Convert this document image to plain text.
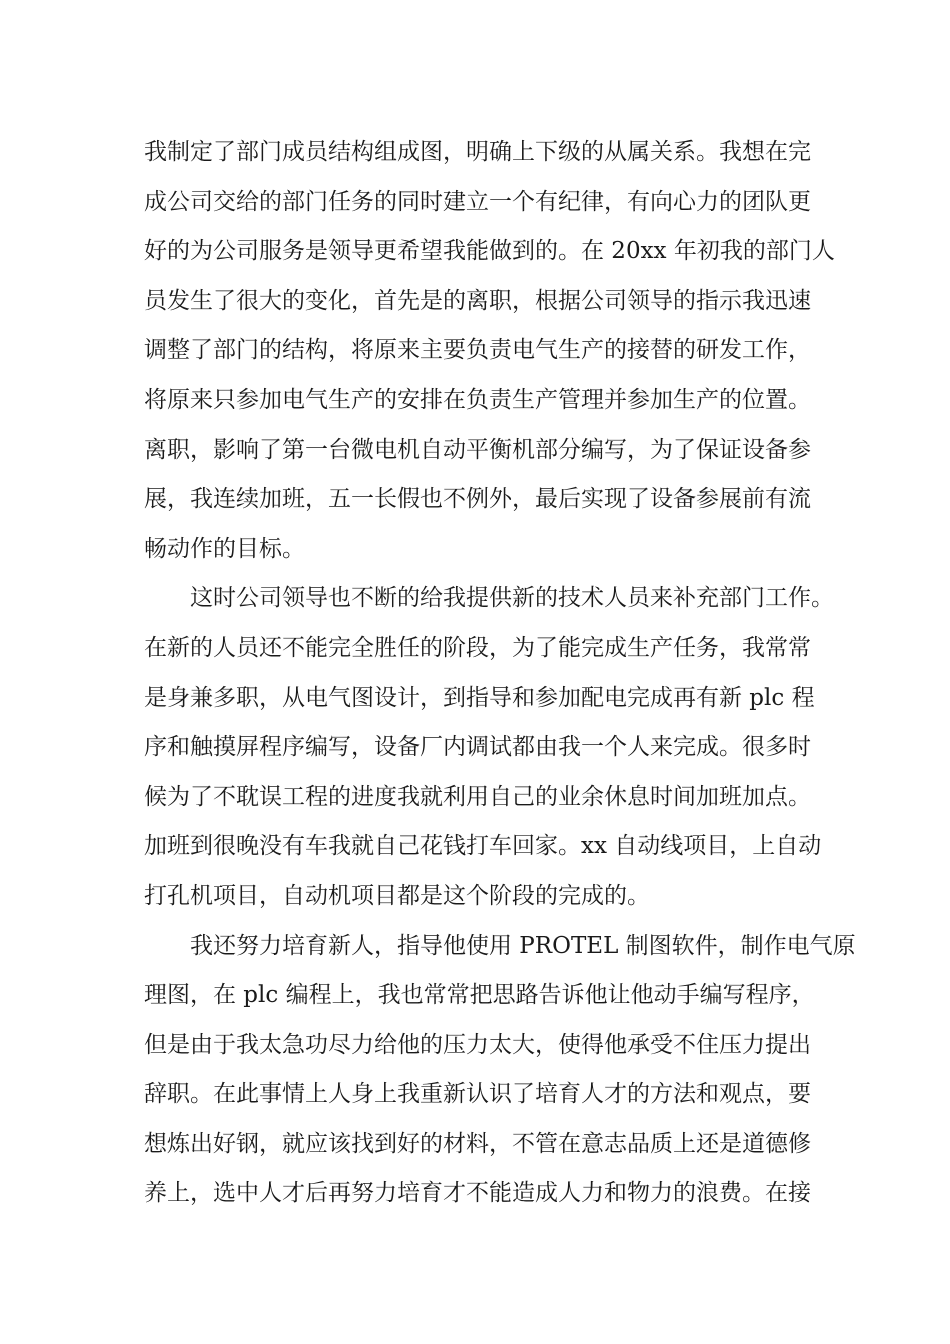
我制定了部门成员结构组成图，明确上下级的从属关系。我想在完
成公司交给的部门任务的同时建立一个有纪律，有向心力的团队更
好的为公司服务是领导更希望我能做到的。在 20xx 年初我的部门人
员发生了很大的变化，首先是的离职，根据公司领导的指示我迅速
调整了部门的结构，将原来主要负责电气生产的接替的研发工作，
将原来只参加电气生产的安排在负责生产管理并参加生产的位置。
离职，影响了第一台微电机自动平衡机部分编写，为了保证设备参
展，我连续加班，五一长假也不例外，最后实现了设备参展前有流
畅动作的目标。
这时公司领导也不断的给我提供新的技术人员来补充部门工作。
在新的人员还不能完全胜任的阶段，为了能完成生产任务，我常常
是身兼多职，从电气图设计，到指导和参加配电完成再有新 plc 程
序和触摸屏程序编写，设备厂内调试都由我一个人来完成。很多时
候为了不耽误工程的进度我就利用自己的业余休息时间加班加点。
加班到很晚没有车我就自己花钱打车回家。xx 自动线项目，上自动
打孔机项目，自动机项目都是这个阶段的完成的。
我还努力培育新人，指导他使用 PROTEL 制图软件，制作电气原
理图，在 plc 编程上，我也常常把思路告诉他让他动手编写程序，
但是由于我太急功尽力给他的压力太大，使得他承受不住压力提出
辞职。在此事情上人身上我重新认识了培育人才的方法和观点，要
想炼出好钢，就应该找到好的材料，不管在意志品质上还是道德修
养上，选中人才后再努力培育才不能造成人力和物力的浪费。在接
